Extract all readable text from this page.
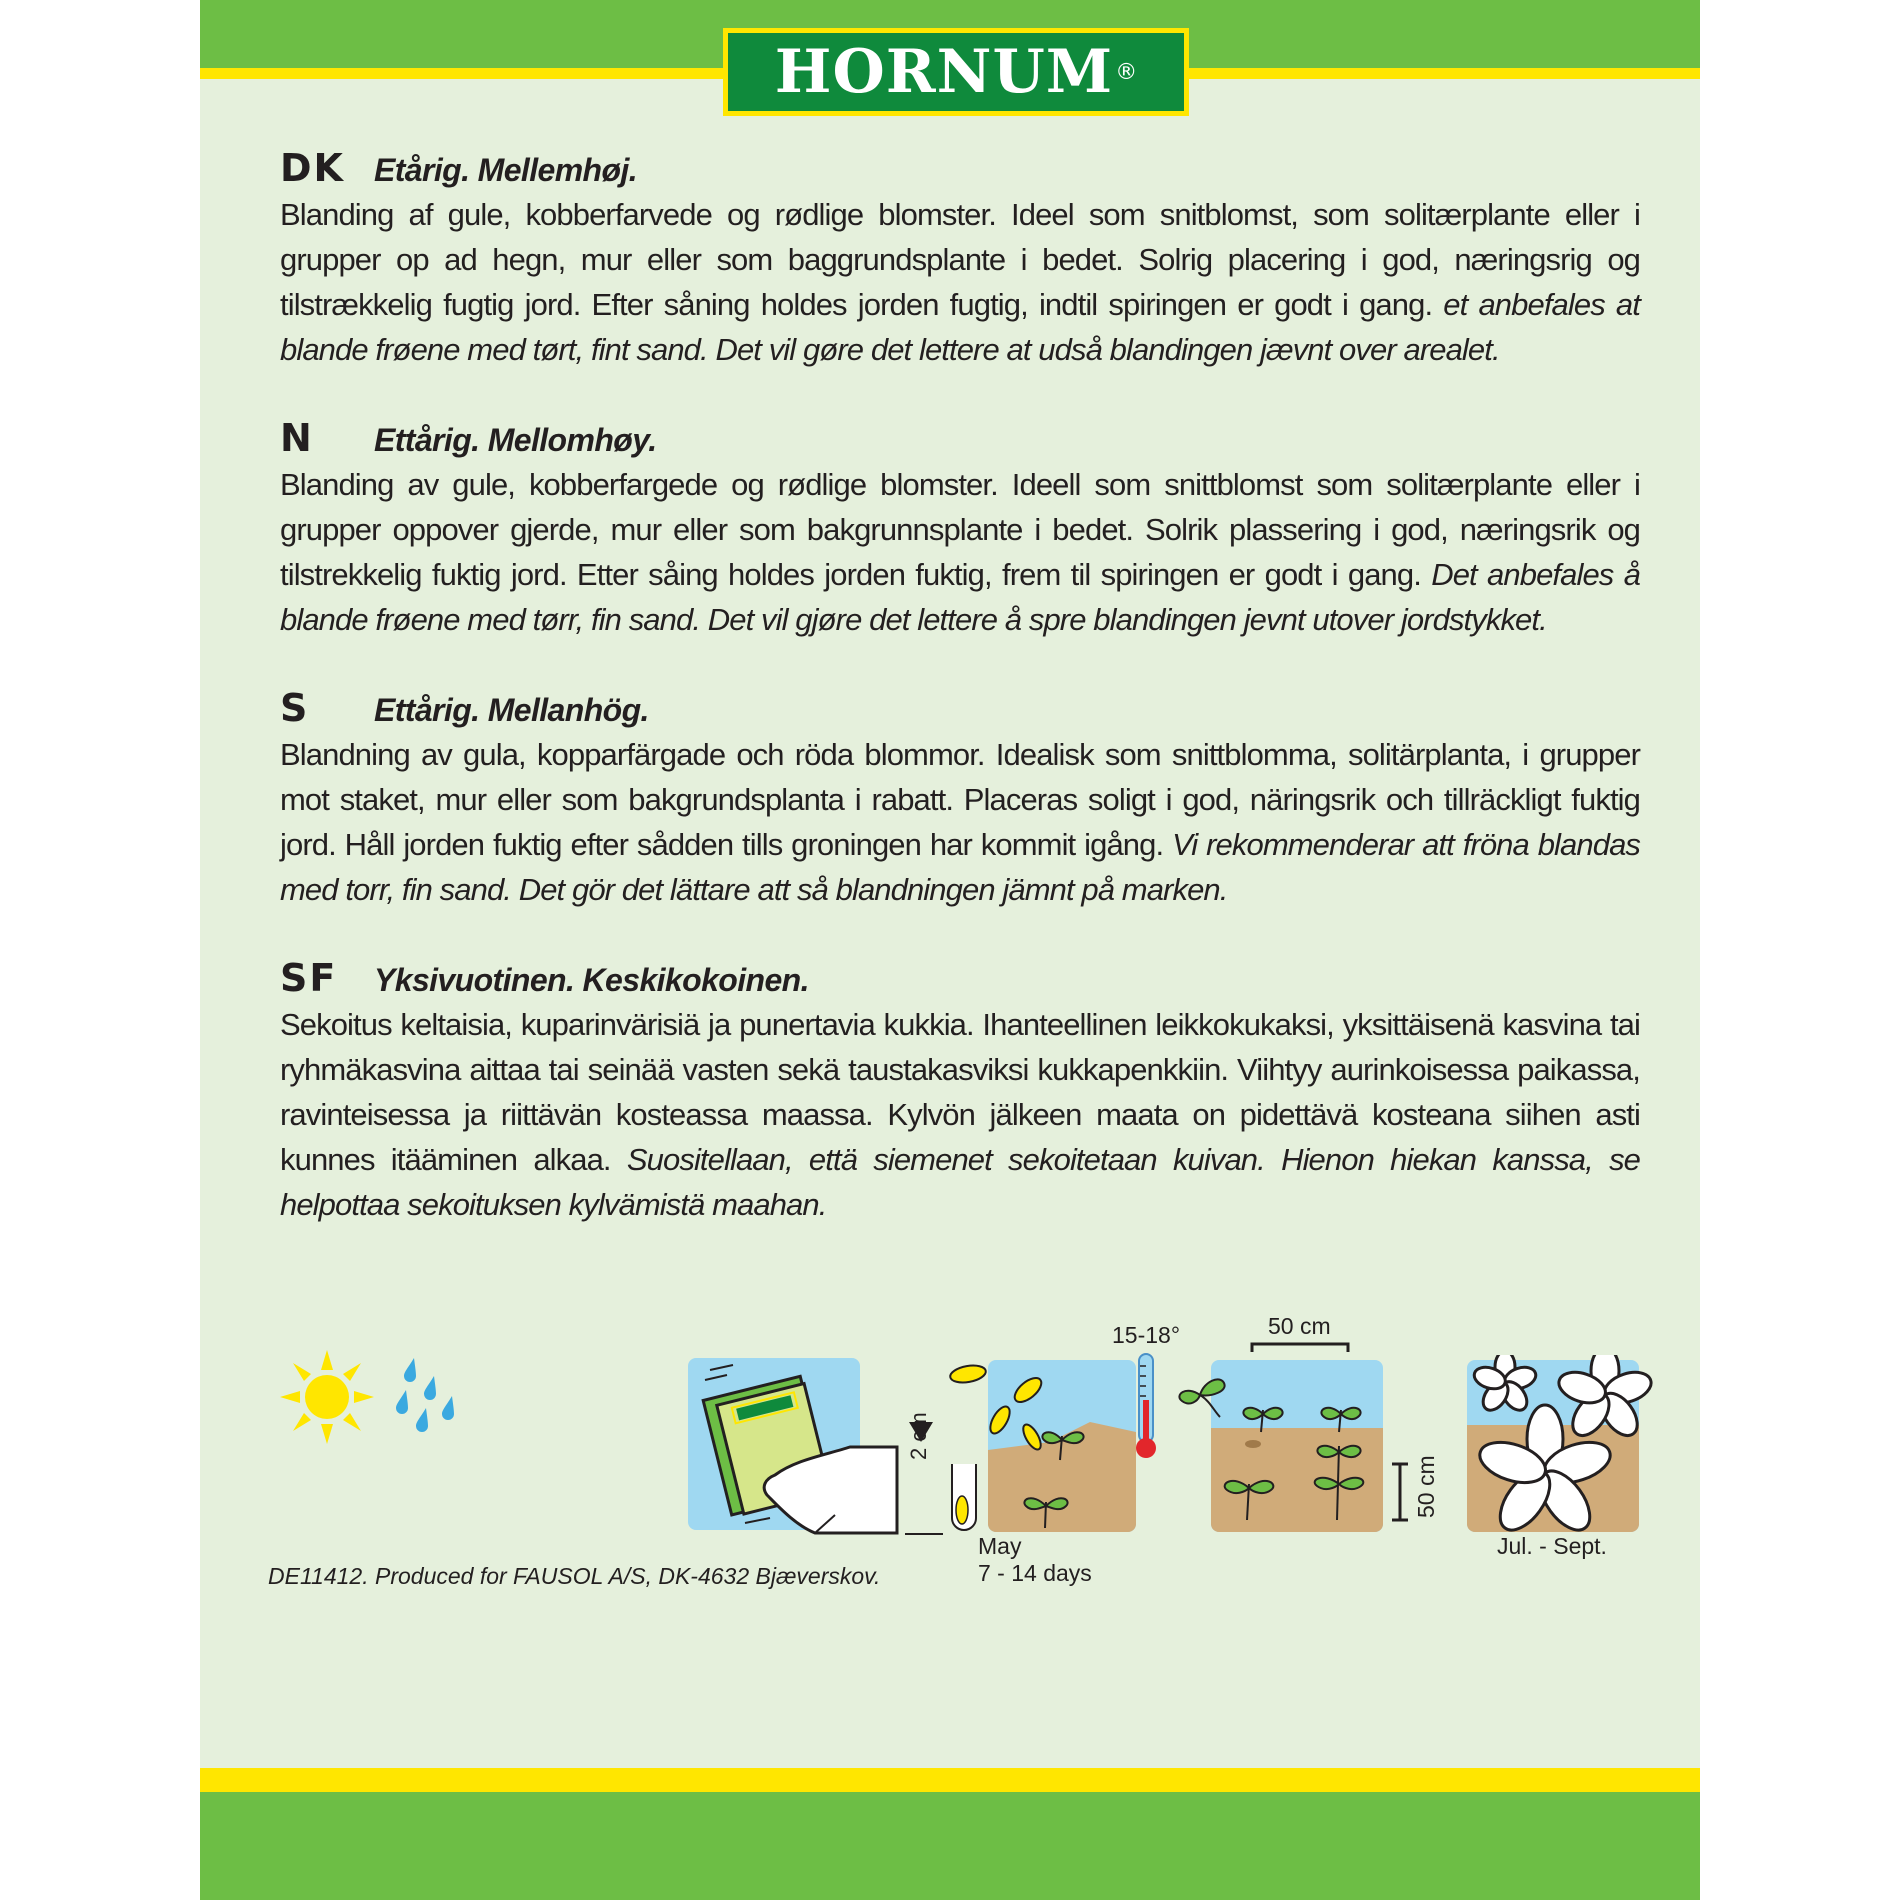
HORNUM ®
DK Etårig. Mellemhøj.
Blanding af gule, kobberfarvede og rødlige blomster. Ideel som snitblomst, som solitærplante eller i grupper op ad hegn, mur eller som baggrundsplante i bedet. Solrig placering i god, næringsrig og tilstrækkelig fugtig jord. Efter såning holdes jorden fugtig, indtil spiringen er godt i gang. et anbefales at blande frøene med tørt, fint sand. Det vil gøre det lettere at udså blandingen jævnt over arealet.
N	Ettårig. Mellomhøy.
Blanding av gule, kobberfargede og rødlige blomster. Ideell som snittblomst som solitærplante eller i grupper oppover gjerde, mur eller som bakgrunnsplante i bedet. Solrik plassering i god, næringsrik og tilstrekkelig fuktig jord. Etter såing holdes jorden fuktig, frem til spiringen er godt i gang. Det anbefales å blande frøene med tørr, fin sand. Det vil gjøre det lettere å spre blandingen jevnt utover jordstykket.
S	Ettårig. Mellanhög.
Blandning av gula, kopparfärgade och röda blommor. Idealisk som snittblomma, solitärplanta, i grupper mot staket, mur eller som bakgrundsplanta i rabatt. Placeras soligt i god, näringsrik och tillräckligt fuktig jord. Håll jorden fuktig efter sådden tills groningen har kommit igång. Vi rekommenderar att fröna blandas med torr, fin sand. Det gör det lättare att så blandningen jämnt på marken.
SF	Yksivuotinen. Keskikokoinen.
Sekoitus keltaisia, kuparinvärisiä ja punertavia kukkia. Ihanteellinen leikkokukaksi, yksittäisenä kasvina tai ryhmäkasvina aittaa tai seinää vasten sekä taustakasviksi kukkapenkkiin. Viihtyy aurinkoisessa paikassa, ravinteisessa ja riittävän kosteassa maassa. Kylvön jälkeen maata on pidettävä kosteana siihen asti kunnes itääminen alkaa. Suositellaan, että siemenet sekoitetaan kuivan. Hienon hiekan kanssa, se helpottaa sekoituksen kylvämistä maahan.
2 cm
15-18°	50 cm
50 cm
May
7 - 14 days
Jul. - Sept.
DE11412. Produced for FAUSOL A/S, DK-4632 Bjæverskov.
